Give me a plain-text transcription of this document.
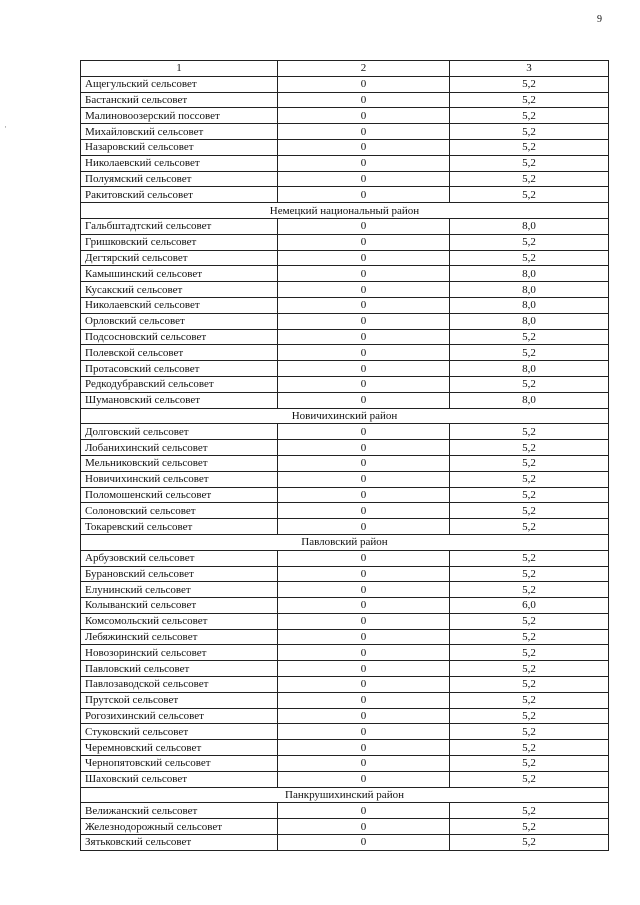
9
·
1	2	3
Ащегульский сельсовет	0	5,2
Бастанский сельсовет	0	5,2
Малиновоозерский поссовет	0	5,2
Михайловский сельсовет	0	5,2
Назаровский сельсовет	0	5,2
Николаевский сельсовет	0	5,2
Полуямский сельсовет	0	5,2
Ракитовский сельсовет	0	5,2
Немецкий национальный район		
Гальбштадтский сельсовет	0	8,0
Гришковский сельсовет	0	5,2
Дегтярский сельсовет	0	5,2
Камышинский сельсовет	0	8,0
Кусакский сельсовет	0	8,0
Николаевский сельсовет	0	8,0
Орловский сельсовет	0	8,0
Подсосновский сельсовет	0	5,2
Полевской сельсовет	0	5,2
Протасовский сельсовет	0	8,0
Редкодубравский сельсовет	0	5,2
Шумановский сельсовет	0	8,0
Новичихинский район		
Долговский сельсовет	0	5,2
Лобанихинский сельсовет	0	5,2
Мельниковский сельсовет	0	5,2
Новичихинский сельсовет	0	5,2
Поломошенский сельсовет	0	5,2
Солоновский сельсовет	0	5,2
Токаревский сельсовет	0	5,2
Павловский район		
Арбузовский сельсовет	0	5,2
Бурановский сельсовет	0	5,2
Елунинский сельсовет	0	5,2
Колыванский сельсовет	0	6,0
Комсомольский сельсовет	0	5,2
Лебяжинский сельсовет	0	5,2
Новозоринский сельсовет	0	5,2
Павловский сельсовет	0	5,2
Павлозаводской сельсовет	0	5,2
Прутской сельсовет	0	5,2
Рогозихинский сельсовет	0	5,2
Стуковский сельсовет	0	5,2
Черемновский сельсовет	0	5,2
Чернопятовский сельсовет	0	5,2
Шаховский сельсовет	0	5,2
Панкрушихинский район		
Велижанский сельсовет	0	5,2
Железнодорожный сельсовет	0	5,2
Зятьковский сельсовет	0	5,2
